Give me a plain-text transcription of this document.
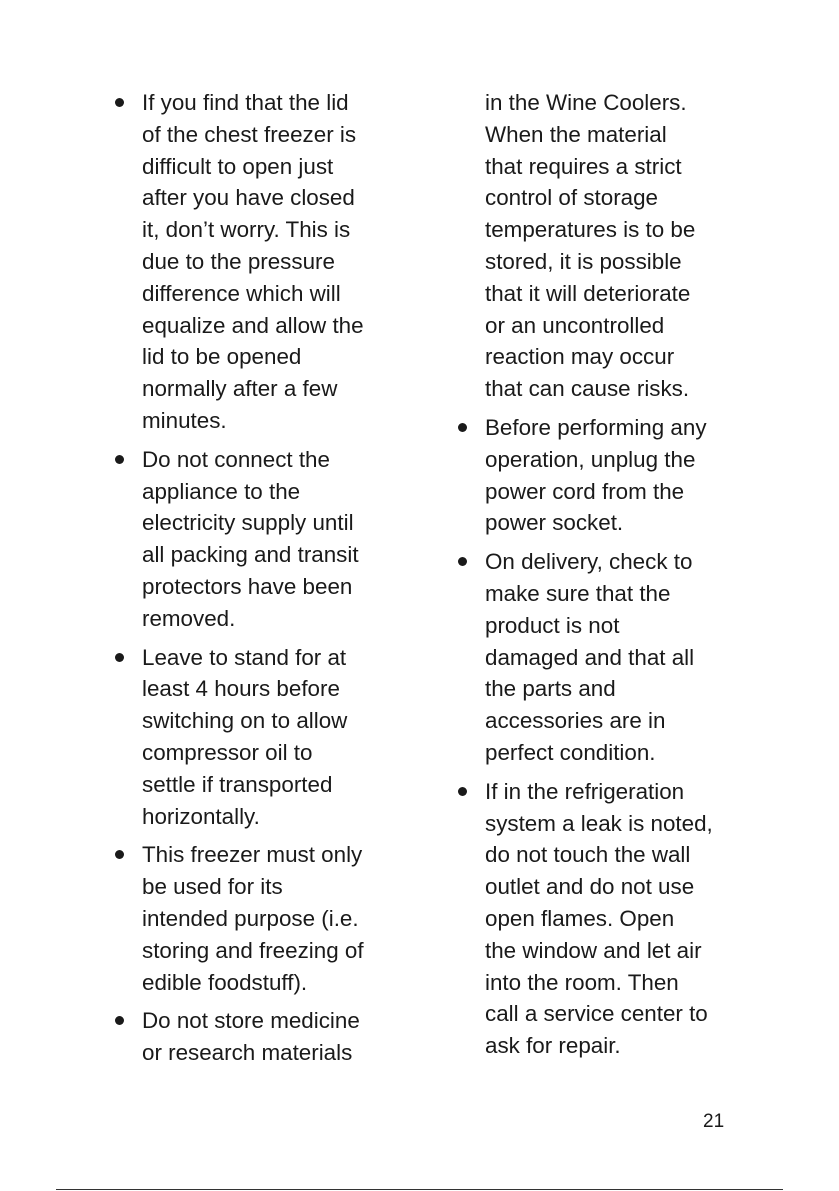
If you find that the lid
of the chest freezer is
difficult to open just
after you have closed
it, don’t worry. This is
due to the pressure
difference which will
equalize and allow the
lid to be opened
normally after a few
minutes.

Do not connect the
appliance to the
electricity supply until
all packing and transit
protectors have been
removed.

Leave to stand for at
least 4 hours before
switching on to allow
compressor oil to
settle if transported
horizontally.

This freezer must only
be used for its
intended purpose (i.e.
storing and freezing of
edible foodstuff).

Do not store medicine
or research materials

in the Wine Coolers.
When the material
that requires a strict
control of storage
temperatures is to be
stored, it is possible
that it will deteriorate
or an uncontrolled
reaction may occur
that can cause risks.

Before performing any
operation, unplug the
power cord from the
power socket.

On delivery, check to
make sure that the
product is not
damaged and that all
the parts and
accessories are in
perfect condition.

If in the refrigeration
system a leak is noted,
do not touch the wall
outlet and do not use
open flames. Open
the window and let air
into the room. Then
call a service center to
ask for repair.

21
